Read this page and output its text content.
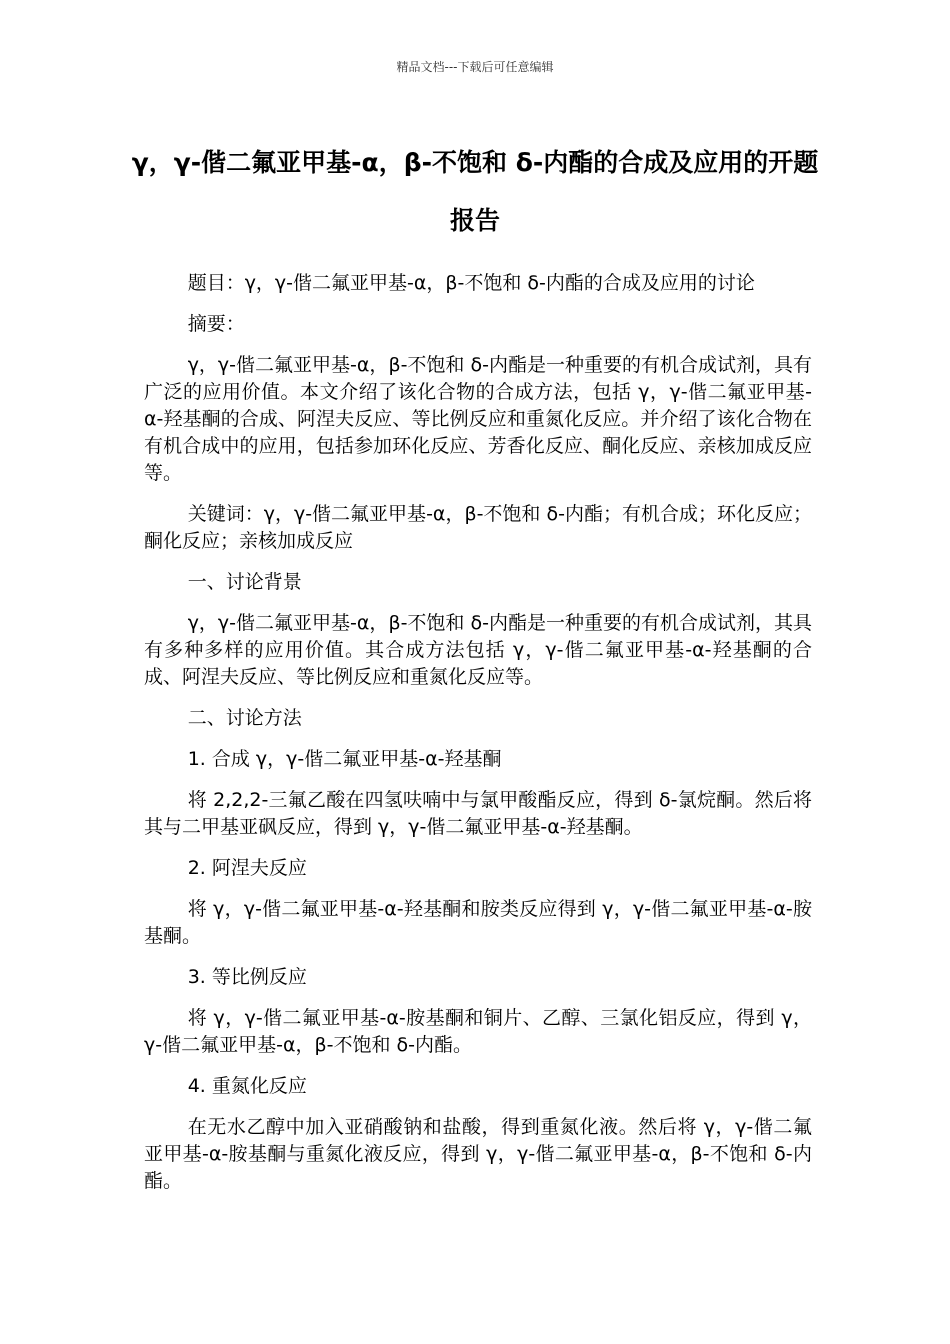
精品文档---下载后可任意编辑
γ，γ-偕二氟亚甲基-α，β-不饱和 δ-内酯的合成及应用的开题报告

题目：γ，γ-偕二氟亚甲基-α，β-不饱和 δ-内酯的合成及应用的讨论

摘要：

γ，γ-偕二氟亚甲基-α，β-不饱和 δ-内酯是一种重要的有机合成试剂，具有广泛的应用价值。本文介绍了该化合物的合成方法，包括 γ，γ-偕二氟亚甲基-α-羟基酮的合成、阿涅夫反应、等比例反应和重氮化反应。并介绍了该化合物在有机合成中的应用，包括参加环化反应、芳香化反应、酮化反应、亲核加成反应等。

关键词：γ，γ-偕二氟亚甲基-α，β-不饱和 δ-内酯；有机合成；环化反应；酮化反应；亲核加成反应

一、讨论背景

γ，γ-偕二氟亚甲基-α，β-不饱和 δ-内酯是一种重要的有机合成试剂，其具有多种多样的应用价值。其合成方法包括 γ，γ-偕二氟亚甲基-α-羟基酮的合成、阿涅夫反应、等比例反应和重氮化反应等。

二、讨论方法

1. 合成 γ，γ-偕二氟亚甲基-α-羟基酮

将 2,2,2-三氟乙酸在四氢呋喃中与氯甲酸酯反应，得到 δ-氯烷酮。然后将其与二甲基亚砜反应，得到 γ，γ-偕二氟亚甲基-α-羟基酮。

2. 阿涅夫反应

将 γ，γ-偕二氟亚甲基-α-羟基酮和胺类反应得到 γ，γ-偕二氟亚甲基-α-胺基酮。

3. 等比例反应

将 γ，γ-偕二氟亚甲基-α-胺基酮和铜片、乙醇、三氯化铝反应，得到 γ，γ-偕二氟亚甲基-α，β-不饱和 δ-内酯。

4. 重氮化反应

在无水乙醇中加入亚硝酸钠和盐酸，得到重氮化液。然后将 γ，γ-偕二氟亚甲基-α-胺基酮与重氮化液反应，得到 γ，γ-偕二氟亚甲基-α，β-不饱和 δ-内酯。
